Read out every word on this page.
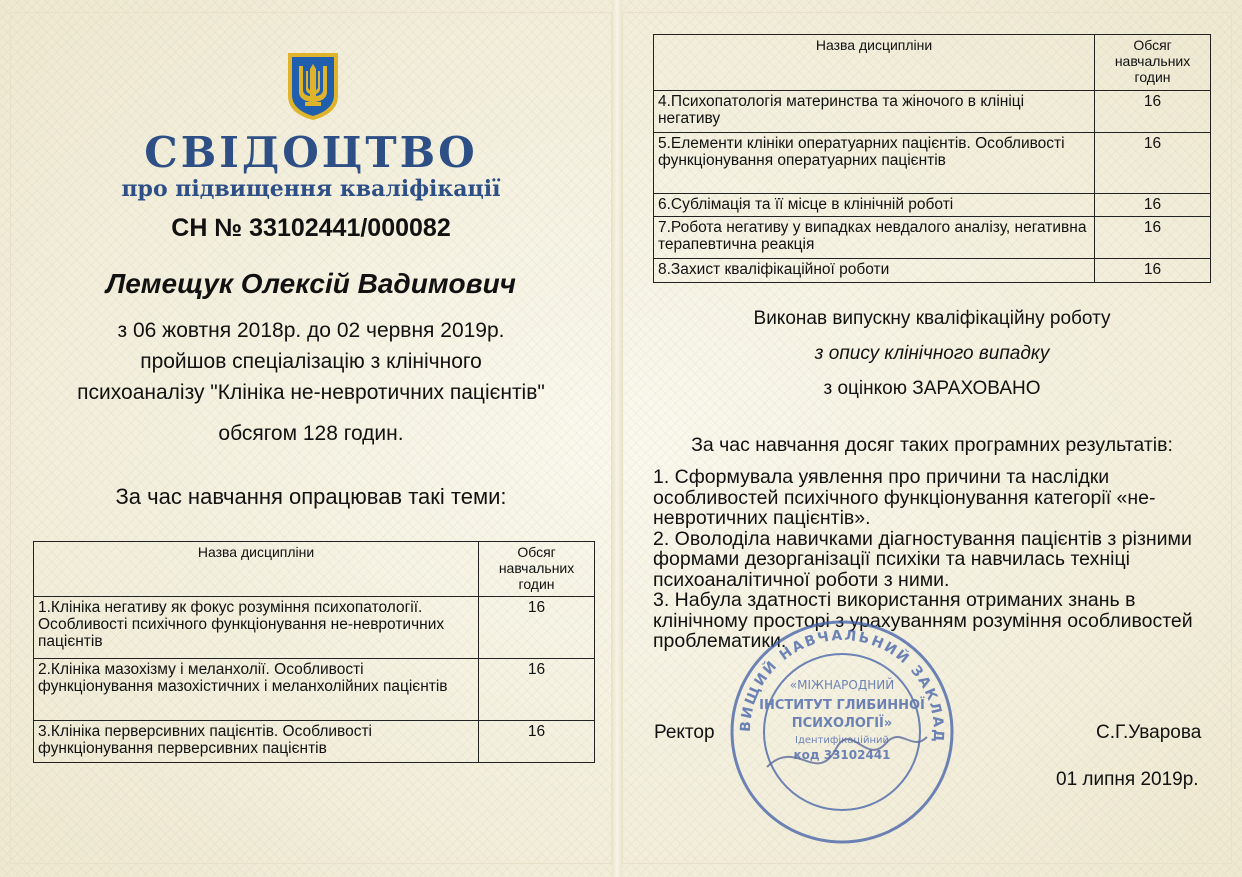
СВІДОЦТВО
про підвищення кваліфікації
СН № 33102441/000082
Лемещук Олексій Вадимович
з 06 жовтня 2018р. до 02 червня 2019р.
пройшов спеціалізацію з клінічного
психоаналізу "Клініка не-невротичних пацієнтів"
обсягом 128 годин.
За час навчання опрацював такі теми:
Назва дисципліни	Обсяг навчальних годин
1.Клініка негативу як фокус розуміння психопатології. Особливості психічного функціонування не-невротичних пацієнтів	16
2.Клініка мазохізму і меланхолії. Особливості функціонування мазохістичних і меланхолійних пацієнтів	16
3.Клініка перверсивних пацієнтів. Особливості функціонування перверсивних пацієнтів	16
Назва дисципліни	Обсяг навчальних годин
4.Психопатологія материнства та жіночого в клініці негативу	16
5.Елементи клініки оператуарних пацієнтів. Особливості функціонування оператуарних пацієнтів	16
6.Сублімація та її місце в клінічній роботі	16
7.Робота негативу у випадках невдалого аналізу, негативна терапевтична реакція	16
8.Захист кваліфікаційної роботи	16
Виконав випускну кваліфікаційну роботу
з опису клінічного випадку
з оцінкою ЗАРАХОВАНО
За час навчання досяг таких програмних результатів:

1. Сформувала уявлення про причини та наслідки особливостей психічного функціонування категорії «не-невротичних пацієнтів».

2. Оволоділа навичками діагностування пацієнтів з різними формами дезорганізації психіки та навчилась техніці психоаналітичної роботи з ними.

3. Набула здатності використання отриманих знань в клінічному просторі з урахуванням розуміння особливостей проблематики.

Ректор	С.Г.Уварова
01 липня 2019р.
ВИЩИЙ НАВЧАЛЬНИЙ ЗАКЛАД
«МІЖНАРОДНИЙ
ІНСТИТУТ ГЛИБИННОЇ
ПСИХОЛОГІЇ»
Ідентифікаційний
код 33102441
